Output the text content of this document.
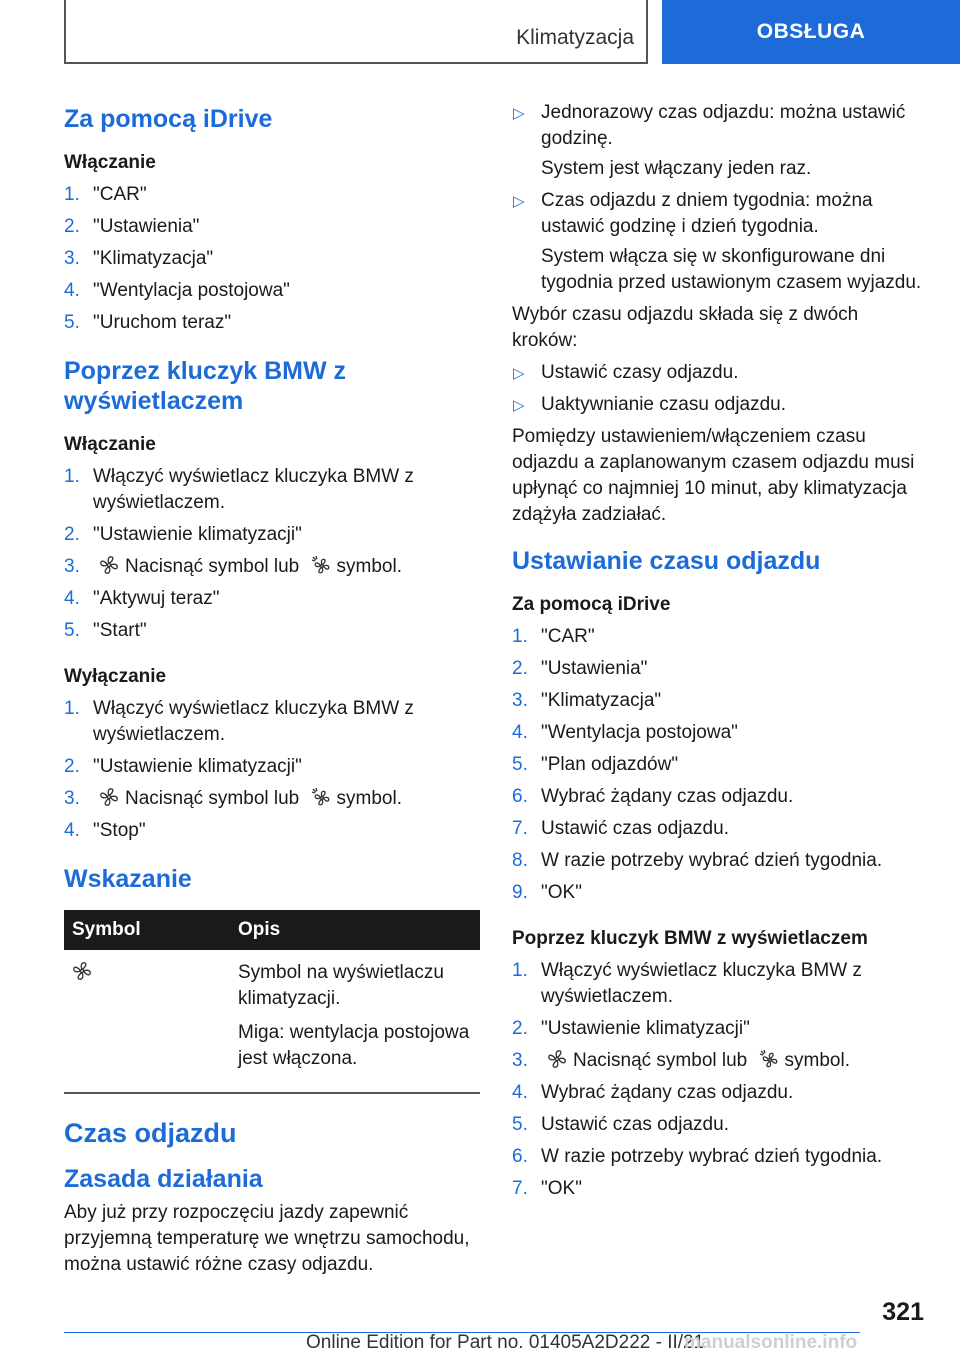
Klimatyzacja	OBSŁUGA
Za pomocą iDrive
Włączanie
1. "CAR"
2. "Ustawienia"
3. "Klimatyzacja"
4. "Wentylacja postojowa"
5. "Uruchom teraz"
Poprzez kluczyk BMW z wyświetlaczem
Włączanie
1. Włączyć wyświetlacz kluczyka BMW z wyświetlaczem.
2. "Ustawienie klimatyzacji"
3. Nacisnąć symbol lub symbol.
4. "Aktywuj teraz"
5. "Start"
Wyłączanie
1. Włączyć wyświetlacz kluczyka BMW z wyświetlaczem.
2. "Ustawienie klimatyzacji"
3. Nacisnąć symbol lub symbol.
4. "Stop"
Wskazanie
Symbol	Opis

Symbol na wyświetlaczu klimatyzacji.

Miga: wentylacja postojowa jest włączona.

Czas odjazdu
Zasada działania

Aby już przy rozpoczęciu jazdy zapewnić przyjemną temperaturę we wnętrzu samochodu, można ustawić różne czasy odjazdu.

▷ Jednorazowy czas odjazdu: można ustawić godzinę.
System jest włączany jeden raz.
▷ Czas odjazdu z dniem tygodnia: można ustawić godzinę i dzień tygodnia.
System włącza się w skonfigurowane dni tygodnia przed ustawionym czasem wyjazdu.

Wybór czasu odjazdu składa się z dwóch kroków:

▷ Ustawić czasy odjazdu.
▷ Uaktywnianie czasu odjazdu.

Pomiędzy ustawieniem/włączeniem czasu odjazdu a zaplanowanym czasem odjazdu musi upłynąć co najmniej 10 minut, aby klimatyzacja zdążyła zadziałać.

Ustawianie czasu odjazdu
Za pomocą iDrive
1. "CAR"
2. "Ustawienia"
3. "Klimatyzacja"
4. "Wentylacja postojowa"
5. "Plan odjazdów"
6. Wybrać żądany czas odjazdu.
7. Ustawić czas odjazdu.
8. W razie potrzeby wybrać dzień tygodnia.
9. "OK"
Poprzez kluczyk BMW z wyświetlaczem
1. Włączyć wyświetlacz kluczyka BMW z wyświetlaczem.
2. "Ustawienie klimatyzacji"
3. Nacisnąć symbol lub symbol.
4. Wybrać żądany czas odjazdu.
5. Ustawić czas odjazdu.
6. W razie potrzeby wybrać dzień tygodnia.
7. "OK"
321
Online Edition for Part no. 01405A2D222 - II/21
manualsonline.info
